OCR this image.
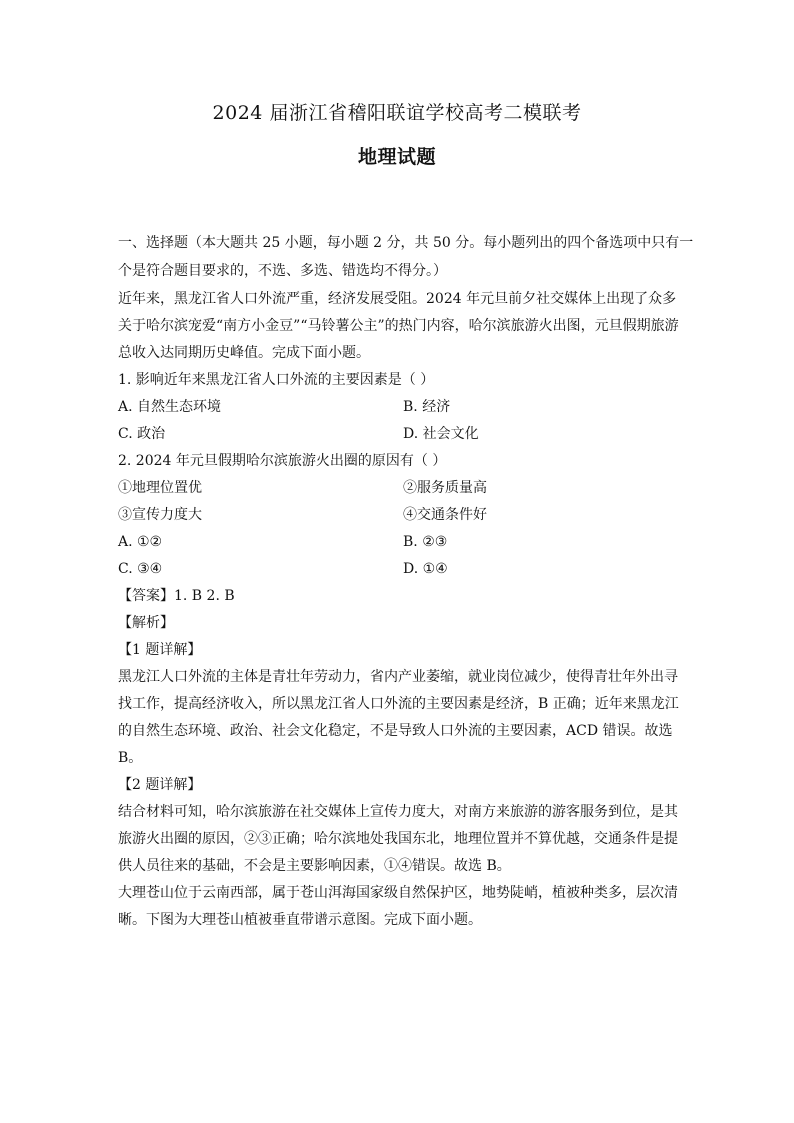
2024 届浙江省稽阳联谊学校高考二模联考
地理试题
一、选择题（本大题共 25 小题，每小题 2 分，共 50 分。每小题列出的四个备选项中只有一
个是符合题目要求的，不选、多选、错选均不得分。）
近年来，黑龙江省人口外流严重，经济发展受阻。2024 年元旦前夕社交媒体上出现了众多
关于哈尔滨宠爱“南方小金豆”“马铃薯公主”的热门内容，哈尔滨旅游火出图，元旦假期旅游
总收入达同期历史峰值。完成下面小题。
1. 影响近年来黑龙江省人口外流的主要因素是（ ）
A. 自然生态环境	B. 经济
C. 政治	D. 社会文化
2. 2024 年元旦假期哈尔滨旅游火出圈的原因有（ ）
①地理位置优	②服务质量高
③宣传力度大	④交通条件好
A. ①②	B. ②③
C. ③④	D. ①④
【答案】1. B 2. B
【解析】
【1 题详解】
黑龙江人口外流的主体是青壮年劳动力，省内产业萎缩，就业岗位减少，使得青壮年外出寻
找工作，提高经济收入，所以黑龙江省人口外流的主要因素是经济，B 正确；近年来黑龙江
的自然生态环境、政治、社会文化稳定，不是导致人口外流的主要因素，ACD 错误。故选
B。
【2 题详解】
结合材料可知，哈尔滨旅游在社交媒体上宣传力度大，对南方来旅游的游客服务到位，是其
旅游火出圈的原因，②③正确；哈尔滨地处我国东北，地理位置并不算优越，交通条件是提
供人员往来的基础，不会是主要影响因素，①④错误。故选 B。
大理苍山位于云南西部，属于苍山洱海国家级自然保护区，地势陡峭，植被种类多，层次清
晰。下图为大理苍山植被垂直带谱示意图。完成下面小题。
